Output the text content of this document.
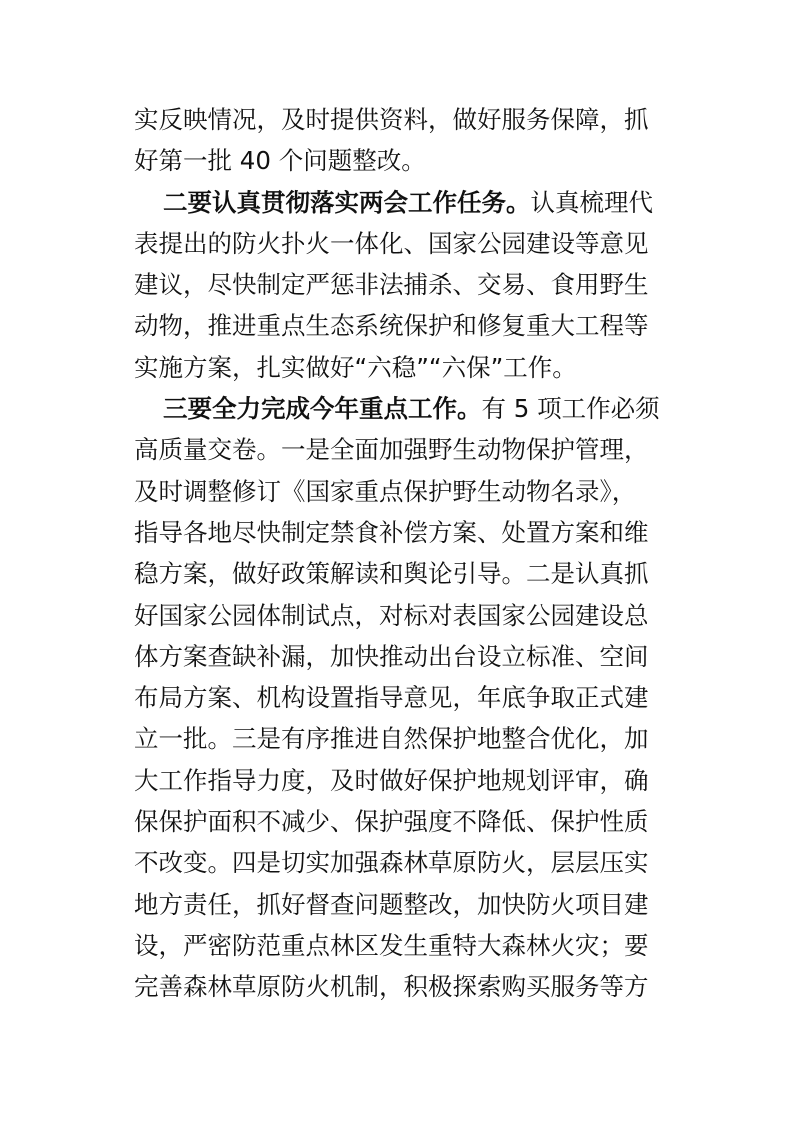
实反映情况，及时提供资料，做好服务保障，抓
好第一批 40 个问题整改。
二要认真贯彻落实两会工作任务。认真梳理代
表提出的防火扑火一体化、国家公园建设等意见
建议，尽快制定严惩非法捕杀、交易、食用野生
动物，推进重点生态系统保护和修复重大工程等
实施方案，扎实做好“六稳”“六保”工作。
三要全力完成今年重点工作。有 5 项工作必须
高质量交卷。一是全面加强野生动物保护管理，
及时调整修订《国家重点保护野生动物名录》，
指导各地尽快制定禁食补偿方案、处置方案和维
稳方案，做好政策解读和舆论引导。二是认真抓
好国家公园体制试点，对标对表国家公园建设总
体方案查缺补漏，加快推动出台设立标准、空间
布局方案、机构设置指导意见，年底争取正式建
立一批。三是有序推进自然保护地整合优化，加
大工作指导力度，及时做好保护地规划评审，确
保保护面积不减少、保护强度不降低、保护性质
不改变。四是切实加强森林草原防火，层层压实
地方责任，抓好督查问题整改，加快防火项目建
设，严密防范重点林区发生重特大森林火灾；要
完善森林草原防火机制，积极探索购买服务等方
